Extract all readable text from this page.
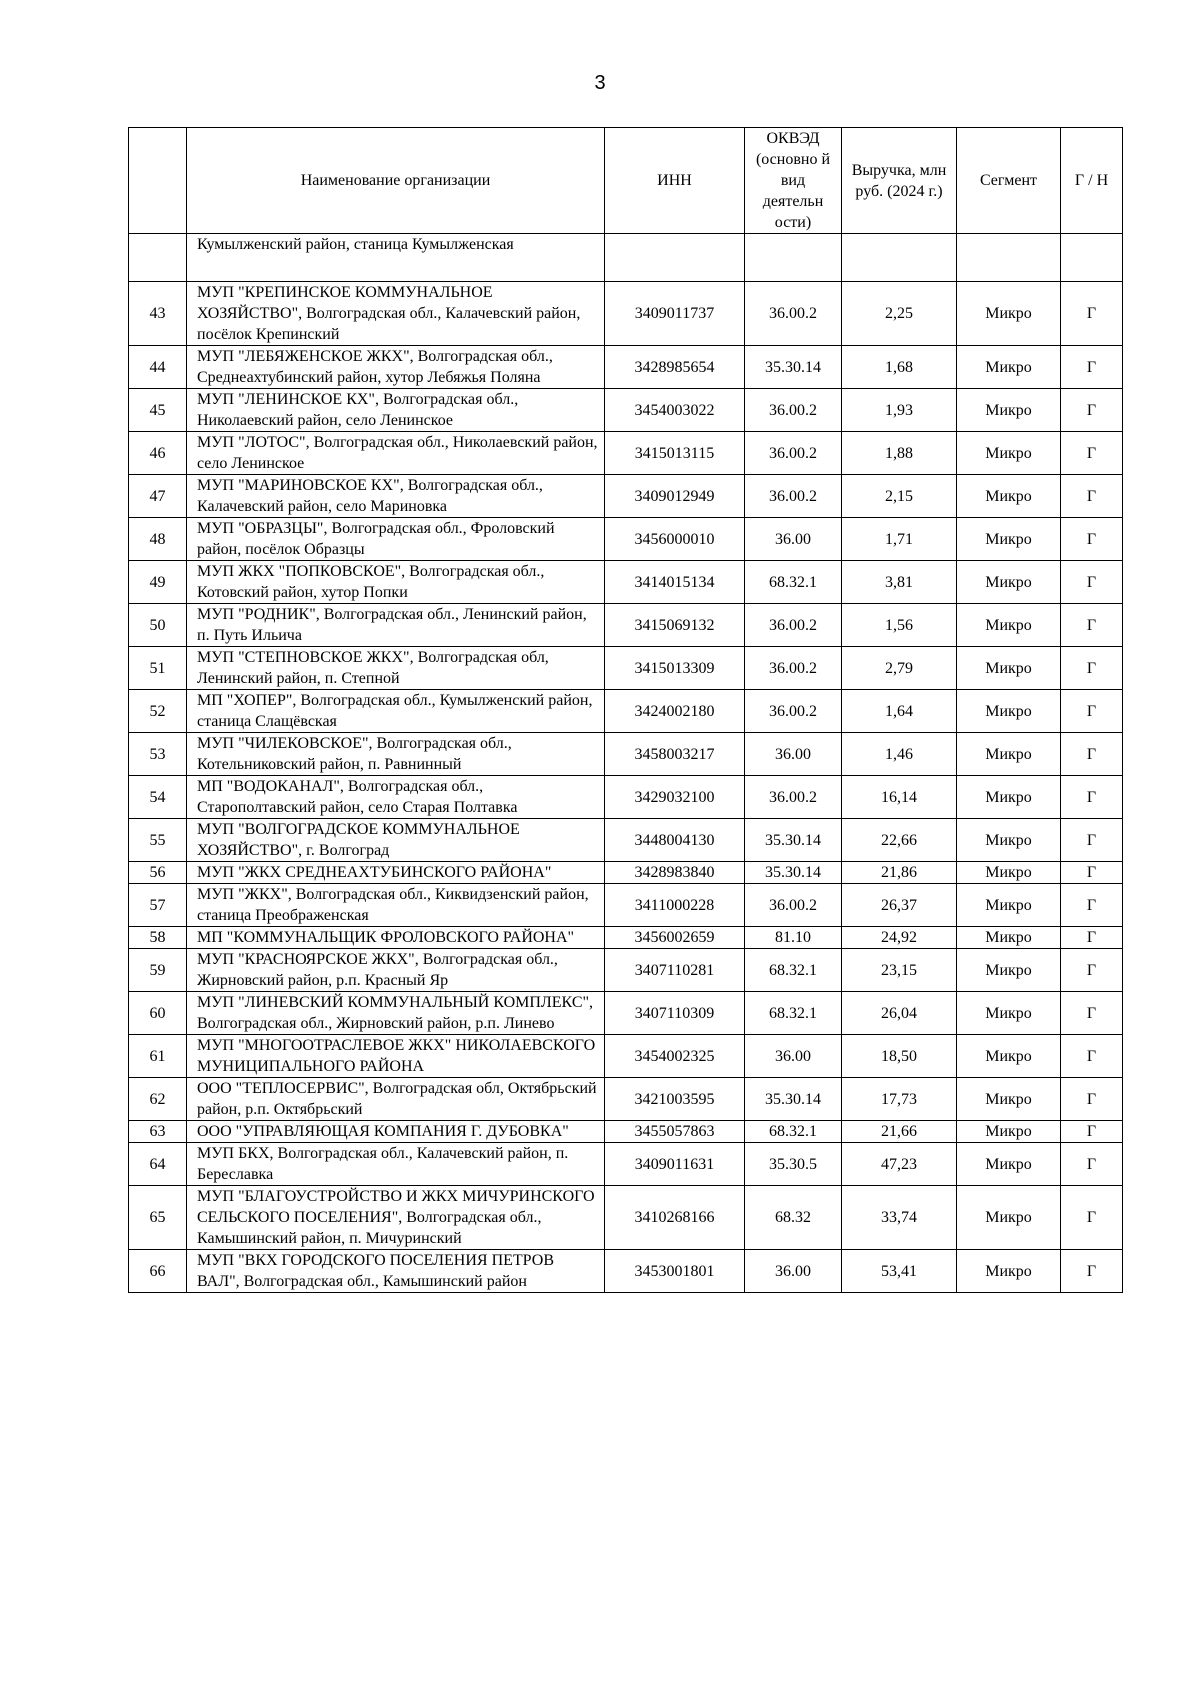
3
	Наименование организации	ИНН	ОКВЭД (основно й вид деятельн ости)	Выручка, млн руб. (2024 г.)	Сегмент	Г / Н
	Кумылженский район, станица Кумылженская					
43	МУП "КРЕПИНСКОЕ КОММУНАЛЬНОЕ ХОЗЯЙСТВО", Волгоградская обл., Калачевский район, посёлок Крепинский	3409011737	36.00.2	2,25	Микро	Г
44	МУП "ЛЕБЯЖЕНСКОЕ ЖКХ", Волгоградская обл., Среднеахтубинский район, хутор Лебяжья Поляна	3428985654	35.30.14	1,68	Микро	Г
45	МУП "ЛЕНИНСКОЕ КХ", Волгоградская обл., Николаевский район, село Ленинское	3454003022	36.00.2	1,93	Микро	Г
46	МУП "ЛОТОС", Волгоградская обл., Николаевский район, село Ленинское	3415013115	36.00.2	1,88	Микро	Г
47	МУП "МАРИНОВСКОЕ КХ", Волгоградская обл., Калачевский район, село Мариновка	3409012949	36.00.2	2,15	Микро	Г
48	МУП "ОБРАЗЦЫ", Волгоградская обл., Фроловский район, посёлок Образцы	3456000010	36.00	1,71	Микро	Г
49	МУП ЖКХ "ПОПКОВСКОЕ", Волгоградская обл., Котовский район, хутор Попки	3414015134	68.32.1	3,81	Микро	Г
50	МУП "РОДНИК", Волгоградская обл., Ленинский район, п. Путь Ильича	3415069132	36.00.2	1,56	Микро	Г
51	МУП "СТЕПНОВСКОЕ ЖКХ", Волгоградская обл, Ленинский район, п. Степной	3415013309	36.00.2	2,79	Микро	Г
52	МП "ХОПЕР", Волгоградская обл., Кумылженский район, станица Слащёвская	3424002180	36.00.2	1,64	Микро	Г
53	МУП "ЧИЛЕКОВСКОЕ", Волгоградская обл., Котельниковский район, п. Равнинный	3458003217	36.00	1,46	Микро	Г
54	МП "ВОДОКАНАЛ", Волгоградская обл., Старополтавский район, село Старая Полтавка	3429032100	36.00.2	16,14	Микро	Г
55	МУП "ВОЛГОГРАДСКОЕ КОММУНАЛЬНОЕ ХОЗЯЙСТВО", г. Волгоград	3448004130	35.30.14	22,66	Микро	Г
56	МУП "ЖКХ СРЕДНЕАХТУБИНСКОГО РАЙОНА"	3428983840	35.30.14	21,86	Микро	Г
57	МУП "ЖКХ", Волгоградская обл., Киквидзенский район, станица Преображенская	3411000228	36.00.2	26,37	Микро	Г
58	МП "КОММУНАЛЬЩИК ФРОЛОВСКОГО РАЙОНА"	3456002659	81.10	24,92	Микро	Г
59	МУП "КРАСНОЯРСКОЕ ЖКХ", Волгоградская обл., Жирновский район, р.п. Красный Яр	3407110281	68.32.1	23,15	Микро	Г
60	МУП "ЛИНЕВСКИЙ КОММУНАЛЬНЫЙ КОМПЛЕКС", Волгоградская обл., Жирновский район, р.п. Линево	3407110309	68.32.1	26,04	Микро	Г
61	МУП "МНОГООТРАСЛЕВОЕ ЖКХ" НИКОЛАЕВСКОГО МУНИЦИПАЛЬНОГО РАЙОНА	3454002325	36.00	18,50	Микро	Г
62	ООО "ТЕПЛОСЕРВИС", Волгоградская обл, Октябрьский район, р.п. Октябрьский	3421003595	35.30.14	17,73	Микро	Г
63	ООО "УПРАВЛЯЮЩАЯ КОМПАНИЯ Г. ДУБОВКА"	3455057863	68.32.1	21,66	Микро	Г
64	МУП БКХ, Волгоградская обл., Калачевский район, п. Береславка	3409011631	35.30.5	47,23	Микро	Г
65	МУП "БЛАГОУСТРОЙСТВО И ЖКХ МИЧУРИНСКОГО СЕЛЬСКОГО ПОСЕЛЕНИЯ", Волгоградская обл., Камышинский район, п. Мичуринский	3410268166	68.32	33,74	Микро	Г
66	МУП "ВКХ ГОРОДСКОГО ПОСЕЛЕНИЯ ПЕТРОВ ВАЛ", Волгоградская обл., Камышинский район	3453001801	36.00	53,41	Микро	Г
